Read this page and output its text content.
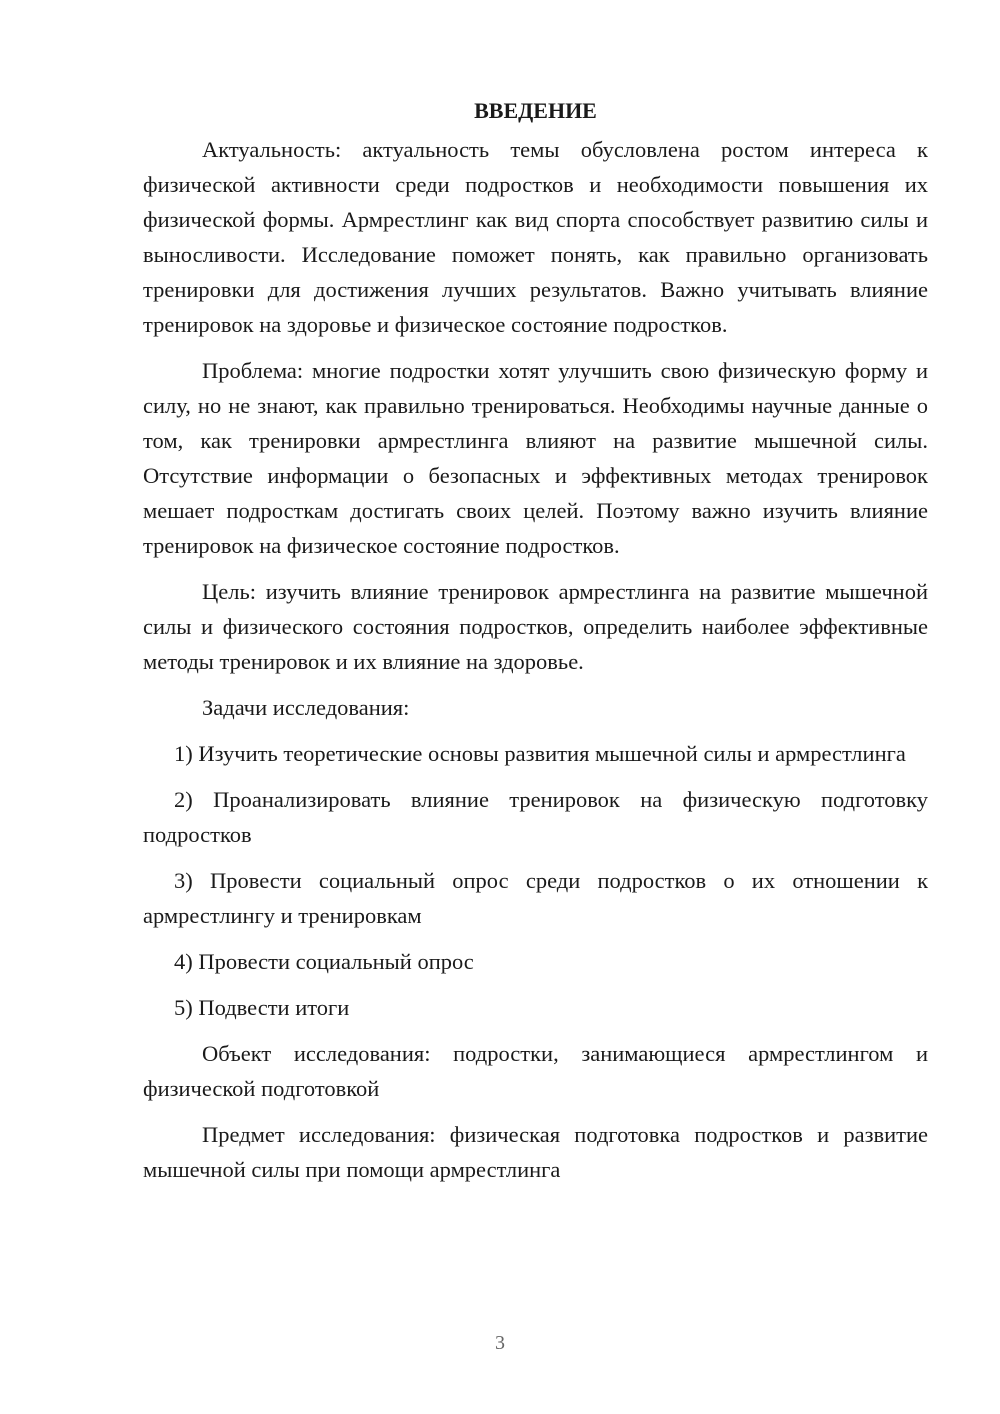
ВВЕДЕНИЕ

Актуальность: актуальность темы обусловлена ростом интереса к физической активности среди подростков и необходимости повышения их физической формы. Армрестлинг как вид спорта способствует развитию силы и выносливости. Исследование поможет понять, как правильно организовать тренировки для достижения лучших результатов. Важно учитывать влияние тренировок на здоровье и физическое состояние подростков.

Проблема: многие подростки хотят улучшить свою физическую форму и силу, но не знают, как правильно тренироваться. Необходимы научные данные о том, как тренировки армрестлинга влияют на развитие мышечной силы. Отсутствие информации о безопасных и эффективных методах тренировок мешает подросткам достигать своих целей. Поэтому важно изучить влияние тренировок на физическое состояние подростков.

Цель: изучить влияние тренировок армрестлинга на развитие мышечной силы и физического состояния подростков, определить наиболее эффективные методы тренировок и их влияние на здоровье.

Задачи исследования:

1) Изучить теоретические основы развития мышечной силы и армрестлинга

2) Проанализировать влияние тренировок на физическую подготовку подростков

3) Провести социальный опрос среди подростков о их отношении к армрестлингу и тренировкам

4) Провести социальный опрос

5) Подвести итоги

Объект исследования: подростки, занимающиеся армрестлингом и физической подготовкой

Предмет исследования: физическая подготовка подростков и развитие мышечной силы при помощи армрестлинга

3
